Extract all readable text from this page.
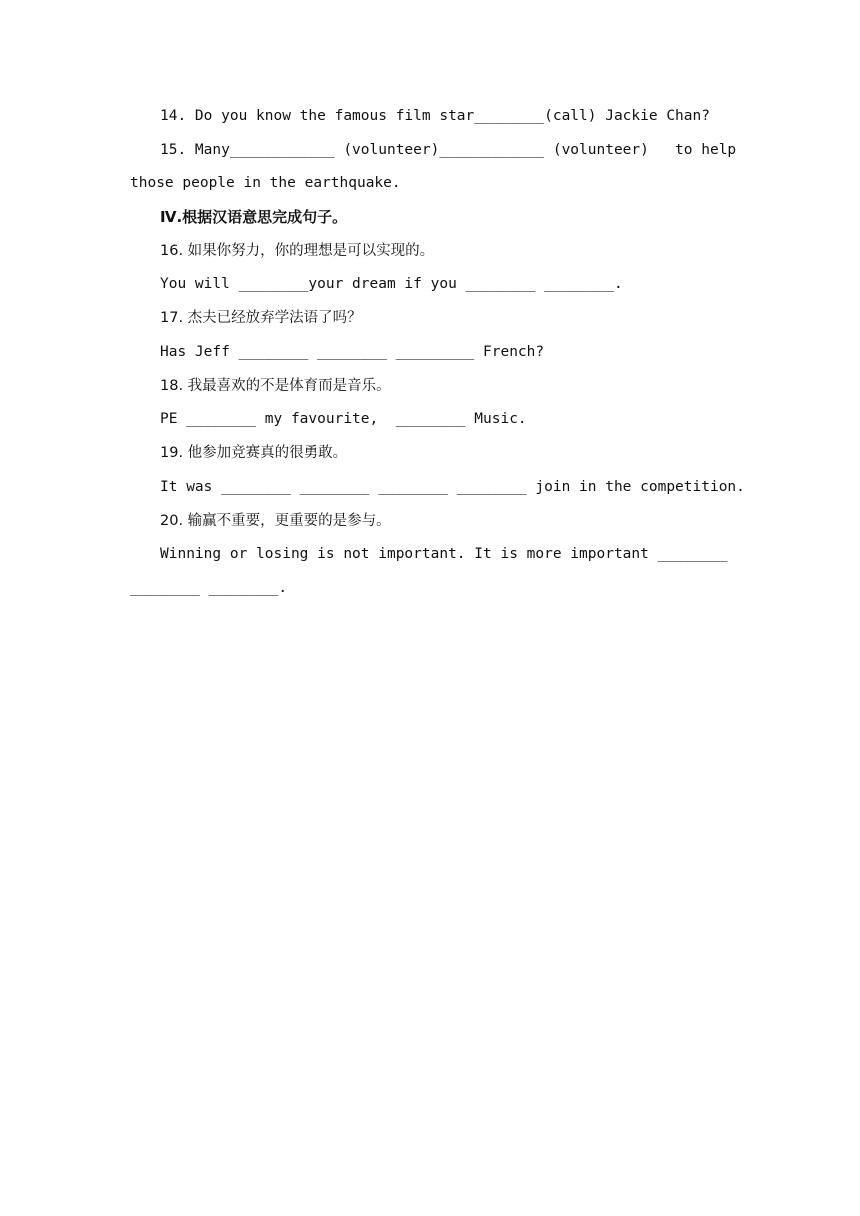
14. Do you know the famous film star________(call) Jackie Chan?
15. Many____________ (volunteer)____________ (volunteer)   to help
those people in the earthquake.
Ⅳ.根据汉语意思完成句子。
16. 如果你努力，你的理想是可以实现的。
You will ________your dream if you ________ ________.
17. 杰夫已经放弃学法语了吗？
Has Jeff ________ ________ _________ French?
18. 我最喜欢的不是体育而是音乐。
PE ________ my favourite,  ________ Music.
19. 他参加竞赛真的很勇敢。
It was ________ ________ ________ ________ join in the competition.
20. 输赢不重要，更重要的是参与。
Winning or losing is not important. It is more important ________
________ ________.
